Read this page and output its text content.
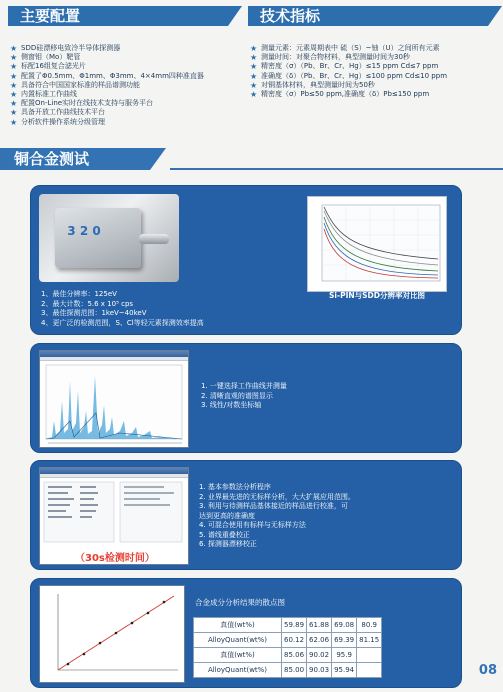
主要配置	技术指标
★ SDD硅漂移电致冷半导体探测器
★ 侧窗钼（Mo）靶管
★ 标配16组复合滤光片
★ 配置了Φ0.5mm、Φ1mm、Φ3mm、4×4mm四种准直器
★ 具备符合中国国家标准的样品谱测功能
★ 内置标准工作曲线
★ 配置On-Line实时在线技术支持与服务平台
★ 具备开放工作曲线技术平台
★ 分析软件操作系统分级管理
★ 测量元素：元素周期表中 硫（S）~铀（U）之间所有元素
★ 测量时间：对聚合物材料，典型测量时间为30秒
★ 精密度（σ）（Pb、Br、Cr、Hg）≤15 ppm Cd≤7 ppm
★ 准确度（δ）（Pb、Br、Cr、Hg）≤100 ppm Cd≤10 ppm
★ 对铜基体材料，典型测量时间为50秒
★ 精密度（σ）Pb≤50 ppm,准确度（δ）Pb≤150 ppm
铜合金测试
3 2 0
1、最佳分辨率：125eV
2、最大计数：5.6 x 10⁵ cps
3、最佳探测范围：1keV~40keV
4、更广泛的检测范围，S、Cl等轻元素探测效率提高
Si-PIN与SDD分辨率对比图
1. 一键选择工作曲线并测量
2. 清晰直观的谱图显示
3. 线性/对数坐标轴
（30s检测时间）
1. 基本参数法分析程序
2. 业界最先进的无标样分析，大大扩展应用范围。
3. 利用与待测样品基体接近的样品进行校准，可
达到更高的准确度
4. 可混合使用有标样与无标样方法
5. 谱线重叠校正
6. 探测器漂移校正
合金成分分析结果的散点图
真值(wt%)	59.89	61.88	69.08	80.9
AlloyQuant(wt%)	60.12	62.06	69.39	81.15
真值(wt%)	85.06	90.02	95.9	
AlloyQuant(wt%)	85.00	90.03	95.94		08
